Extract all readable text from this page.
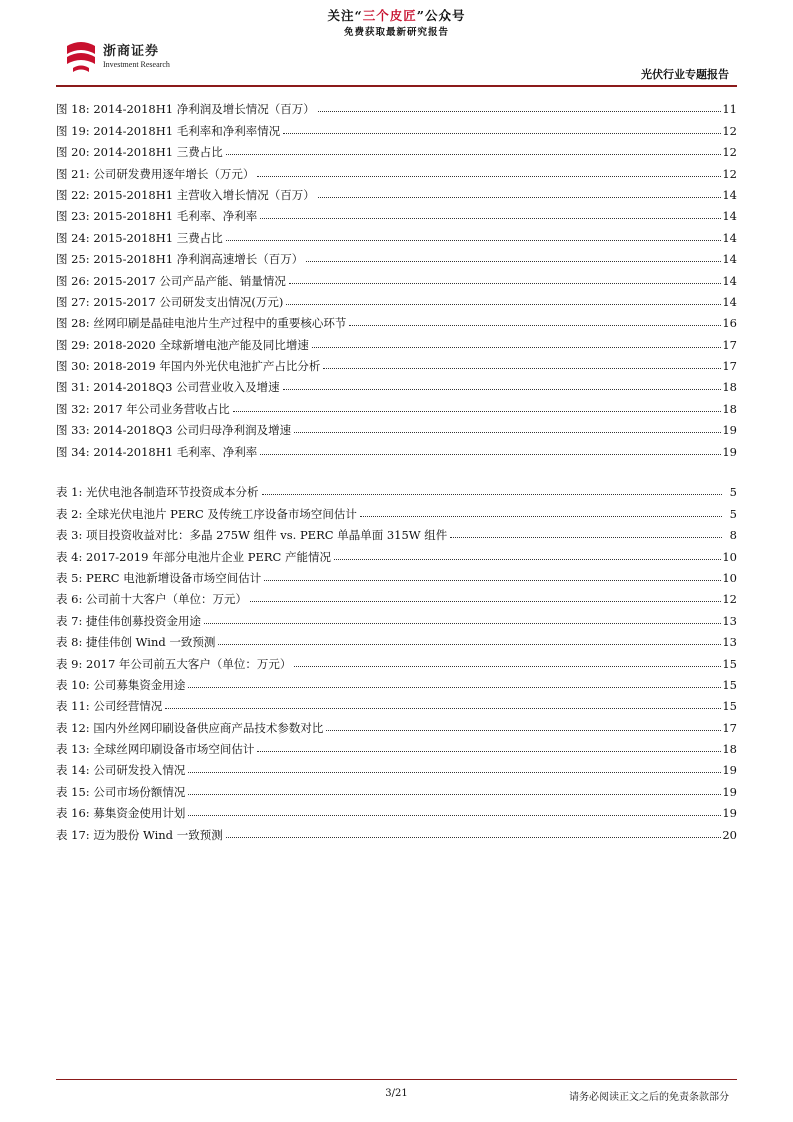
关注“三个皮匠”公众号
免费获取最新研究报告
浙商证券
Investment Research
光伏行业专题报告
图 18: 2014-2018H1 净利润及增长情况（百万）	11
图 19: 2014-2018H1 毛利率和净利率情况	12
图 20: 2014-2018H1 三费占比	12
图 21: 公司研发费用逐年增长（万元）	12
图 22: 2015-2018H1 主营收入增长情况（百万）	14
图 23: 2015-2018H1 毛利率、净利率	14
图 24: 2015-2018H1 三费占比	14
图 25: 2015-2018H1 净利润高速增长（百万）	14
图 26: 2015-2017 公司产品产能、销量情况	14
图 27: 2015-2017 公司研发支出情况(万元)	14
图 28: 丝网印刷是晶硅电池片生产过程中的重要核心环节	16
图 29: 2018-2020 全球新增电池产能及同比增速	17
图 30: 2018-2019 年国内外光伏电池扩产占比分析	17
图 31: 2014-2018Q3 公司营业收入及增速	18
图 32: 2017 年公司业务营收占比	18
图 33: 2014-2018Q3 公司归母净利润及增速	19
图 34: 2014-2018H1 毛利率、净利率	19
表 1: 光伏电池各制造环节投资成本分析	5
表 2: 全球光伏电池片 PERC 及传统工序设备市场空间估计	5
表 3: 项目投资收益对比：多晶 275W 组件 vs. PERC 单晶单面 315W 组件	8
表 4: 2017-2019 年部分电池片企业 PERC 产能情况	10
表 5: PERC 电池新增设备市场空间估计	10
表 6: 公司前十大客户（单位：万元）	12
表 7: 捷佳伟创募投资金用途	13
表 8: 捷佳伟创 Wind 一致预测	13
表 9: 2017 年公司前五大客户（单位：万元）	15
表 10: 公司募集资金用途	15
表 11: 公司经营情况	15
表 12: 国内外丝网印刷设备供应商产品技术参数对比	17
表 13: 全球丝网印刷设备市场空间估计	18
表 14: 公司研发投入情况	19
表 15: 公司市场份额情况	19
表 16: 募集资金使用计划	19
表 17: 迈为股份 Wind 一致预测	20
3/21	请务必阅读正文之后的免责条款部分
